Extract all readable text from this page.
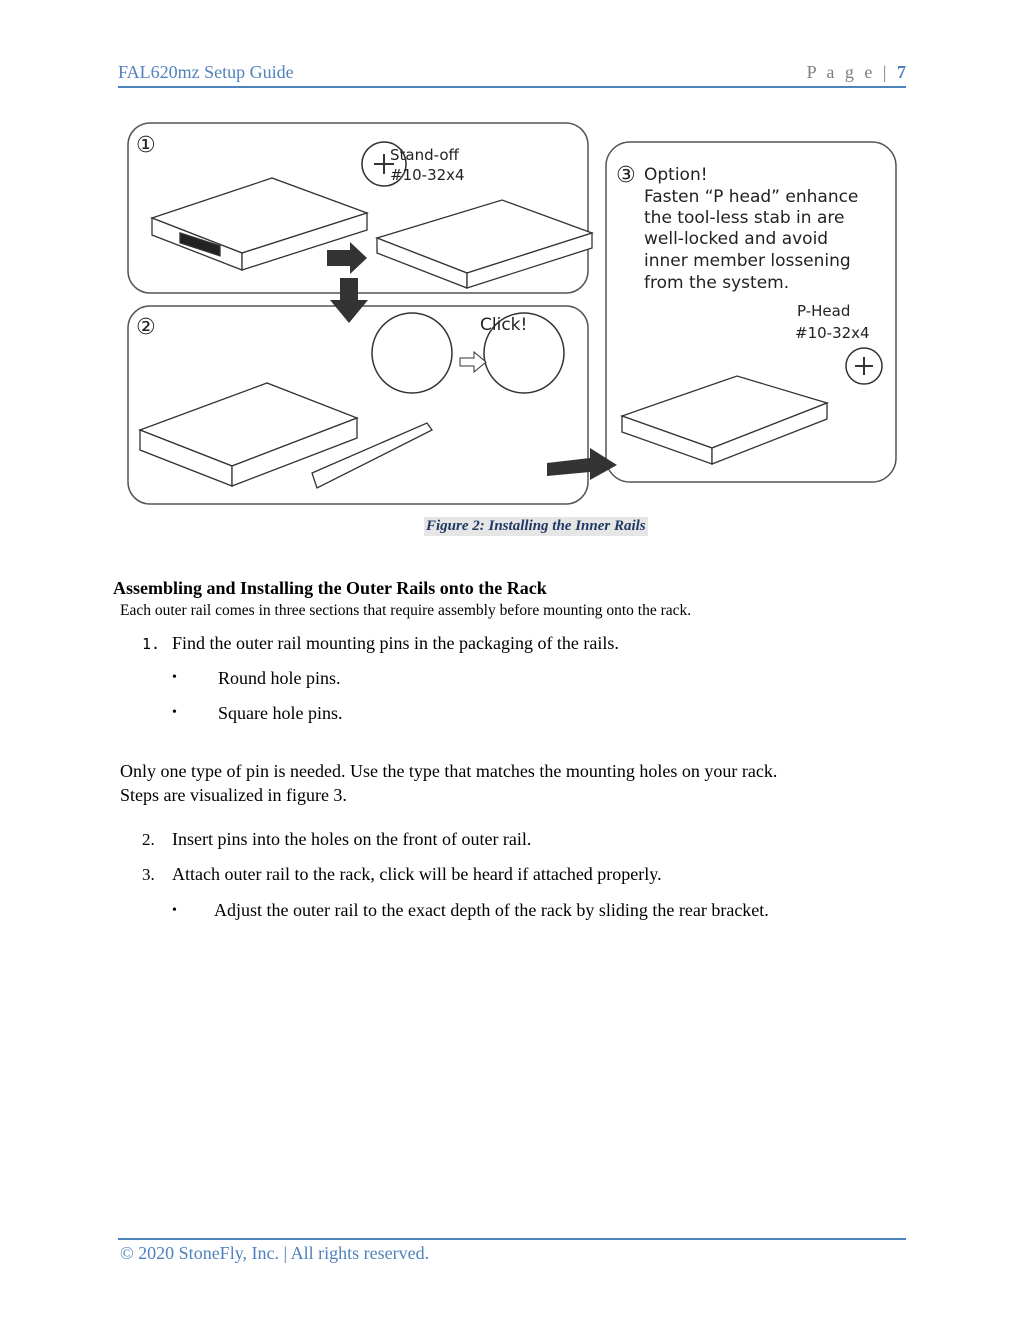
FAL620mz Setup Guide	P a g e | 7
Stand-off
#10-32x4
①
②	Click!
③ Option!
Fasten “P head” enhance
the tool-less stab in are
well-locked and avoid
inner member lossening
from the system.
P-Head
#10-32x4
Figure 2: Installing the Inner Rails
Assembling and Installing the Outer Rails onto the Rack
Each outer rail comes in three sections that require assembly before mounting onto the rack.
1. Find the outer rail mounting pins in the packaging of the rails.
• Round hole pins.
• Square hole pins.
Only one type of pin is needed. Use the type that matches the mounting holes on your rack.
Steps are visualized in figure 3.
2. Insert pins into the holes on the front of outer rail.
3. Attach outer rail to the rack, click will be heard if attached properly.
• Adjust the outer rail to the exact depth of the rack by sliding the rear bracket.
© 2020 StoneFly, Inc. | All rights reserved.
